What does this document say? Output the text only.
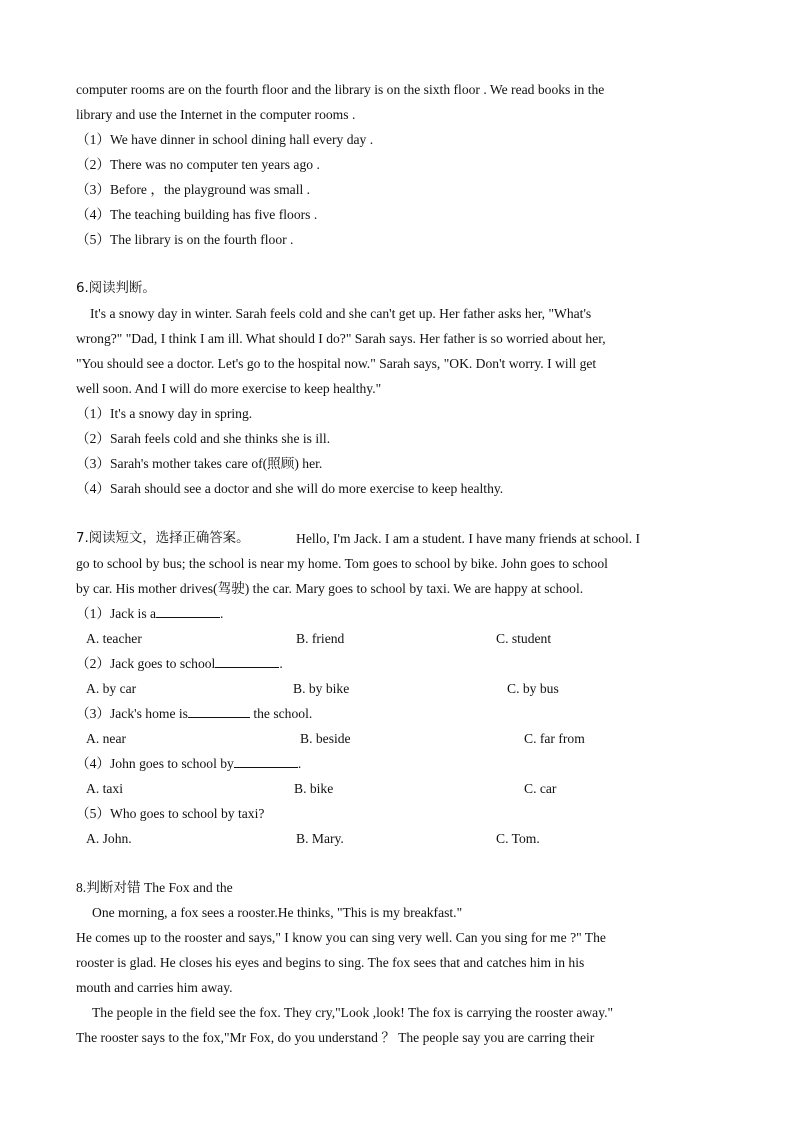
computer rooms are on the fourth floor and the library is on the sixth floor . We read books in the
library and use the Internet in the computer rooms .
（1）We have dinner in school dining hall every day .
（2）There was no computer ten years ago .
（3）Before ，the playground was small .
（4）The teaching building has five floors .
（5）The library is on the fourth floor .
6.阅读判断。
It's a snowy day in winter. Sarah feels cold and she can't get up. Her father asks her, "What's
wrong?" "Dad, I think I am ill. What should I do?" Sarah says. Her father is so worried about her,
"You should see a doctor. Let's go to the hospital now." Sarah says, "OK. Don't worry. I will get
well soon. And I will do more exercise to keep healthy."
（1）It's a snowy day in spring.
（2）Sarah feels cold and she thinks she is ill.
（3）Sarah's mother takes care of(照顾) her.
（4）Sarah should see a doctor and she will do more exercise to keep healthy.
7.阅读短文，选择正确答案。	Hello, I'm Jack. I am a student. I have many friends at school. I
go to school by bus; the school is near my home. Tom goes to school by bike. John goes to school
by car. His mother drives(驾驶) the car. Mary goes to school by taxi. We are happy at school.
（1）Jack is a	.
A. teacher	B. friend	C. student
（2）Jack goes to school	.
A. by car	B. by bike	C. by bus
（3）Jack's home is	the school.
A. near	B. beside	C. far from
（4）John goes to school by	.
A. taxi	B. bike	C. car
（5）Who goes to school by taxi?
A. John.	B. Mary.	C. Tom.
8.判断对错 The Fox and the
One morning, a fox sees a rooster.He thinks, "This is my breakfast."
He comes up to the rooster and says," I know you can sing very well. Can you sing for me ?" The
rooster is glad. He closes his eyes and begins to sing. The fox sees that and catches him in his
mouth and carries him away.
The people in the field see the fox. They cry,"Look ,look! The fox is carrying the rooster away."
The rooster says to the fox,"Mr Fox, do you understand ？ The people say you are carring their
